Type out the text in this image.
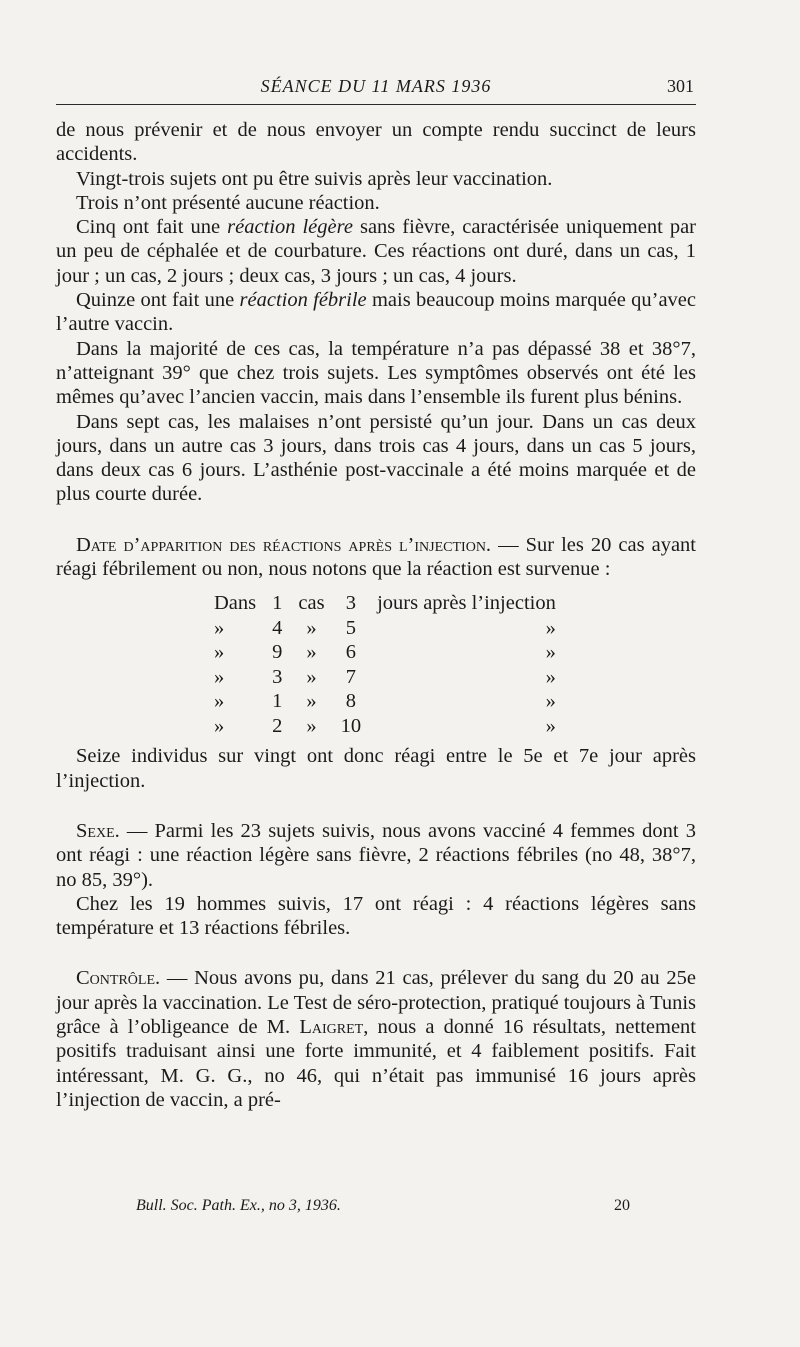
SÉANCE DU 11 MARS 1936	301

de nous prévenir et de nous envoyer un compte rendu succinct de leurs accidents.

Vingt-trois sujets ont pu être suivis après leur vaccination.

Trois n’ont présenté aucune réaction.

Cinq ont fait une réaction légère sans fièvre, caractérisée uniquement par un peu de céphalée et de courbature. Ces réactions ont duré, dans un cas, 1 jour ; un cas, 2 jours ; deux cas, 3 jours ; un cas, 4 jours.

Quinze ont fait une réaction fébrile mais beaucoup moins marquée qu’avec l’autre vaccin.

Dans la majorité de ces cas, la température n’a pas dépassé 38 et 38°7, n’atteignant 39° que chez trois sujets. Les symptômes observés ont été les mêmes qu’avec l’ancien vaccin, mais dans l’ensemble ils furent plus bénins.

Dans sept cas, les malaises n’ont persisté qu’un jour. Dans un cas deux jours, dans un autre cas 3 jours, dans trois cas 4 jours, dans un cas 5 jours, dans deux cas 6 jours. L’asthénie post-vaccinale a été moins marquée et de plus courte durée.

Date d’apparition des réactions après l’injection. — Sur les 20 cas ayant réagi fébrilement ou non, nous notons que la réaction est survenue :

Dans	1	cas	3	jours après l’injection
»	4	»	5	»
»	9	»	6	»
»	3	»	7	»
»	1	»	8	»
»	2	»	10	»

Seize individus sur vingt ont donc réagi entre le 5e et 7e jour après l’injection.

Sexe. — Parmi les 23 sujets suivis, nous avons vacciné 4 femmes dont 3 ont réagi : une réaction légère sans fièvre, 2 réactions fébriles (no 48, 38°7, no 85, 39°).

Chez les 19 hommes suivis, 17 ont réagi : 4 réactions légères sans température et 13 réactions fébriles.

Contrôle. — Nous avons pu, dans 21 cas, prélever du sang du 20 au 25e jour après la vaccination. Le Test de séro-protection, pratiqué toujours à Tunis grâce à l’obligeance de M. Laigret, nous a donné 16 résultats, nettement positifs traduisant ainsi une forte immunité, et 4 faiblement positifs. Fait intéressant, M. G. G., no 46, qui n’était pas immunisé 16 jours après l’injection de vaccin, a pré-

Bull. Soc. Path. Ex., no 3, 1936.	20
